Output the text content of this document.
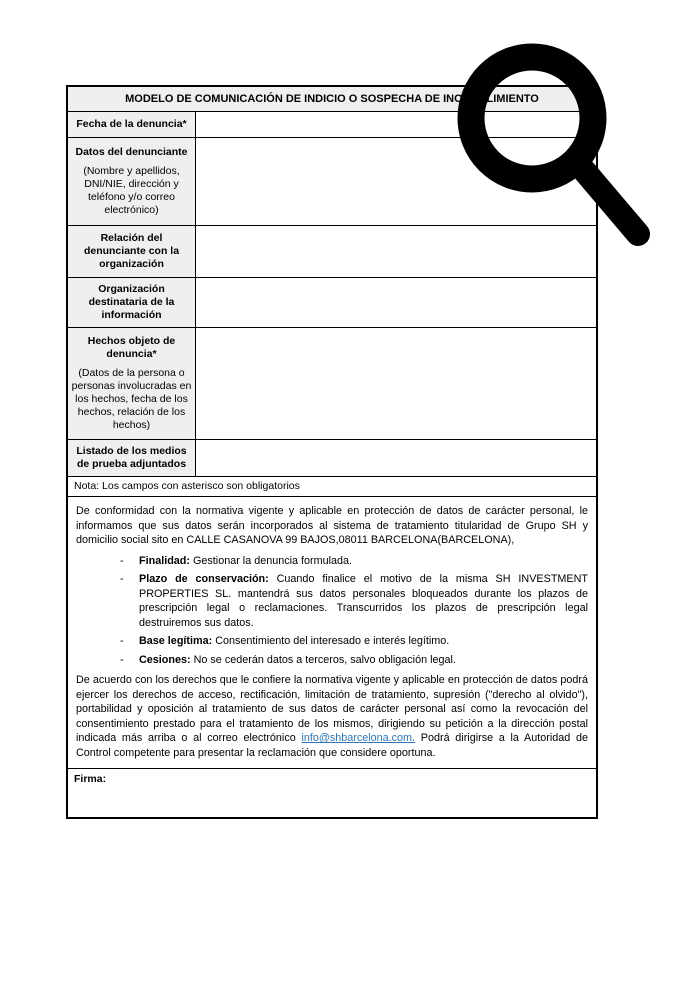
MODELO DE COMUNICACIÓN DE INDICIO O SOSPECHA DE INCUMPLIMIENTO
Fecha de la denuncia*
Datos del denunciante
(Nombre y apellidos, DNI/NIE, dirección y teléfono y/o correo electrónico)
Relación del denunciante con la organización
Organización destinataria de la información
Hechos objeto de denuncia*
(Datos de la persona o personas involucradas en los hechos, fecha de los hechos, relación de los hechos)
Listado de los medios de prueba adjuntados
Nota: Los campos con asterisco son obligatorios

De conformidad con la normativa vigente y aplicable en protección de datos de carácter personal, le informamos que sus datos serán incorporados al sistema de tratamiento titularidad de Grupo SH y domicilio social sito en CALLE CASANOVA 99 BAJOS,08011 BARCELONA(BARCELONA),

-	Finalidad: Gestionar la denuncia formulada.
-	Plazo de conservación: Cuando finalice el motivo de la misma SH INVESTMENT PROPERTIES SL. mantendrá sus datos personales bloqueados durante los plazos de prescripción legal o reclamaciones. Transcurridos los plazos de prescripción legal destruiremos sus datos.
-	Base legítima: Consentimiento del interesado e interés legítimo.
-	Cesiones: No se cederán datos a terceros, salvo obligación legal.

De acuerdo con los derechos que le confiere la normativa vigente y aplicable en protección de datos podrá ejercer los derechos de acceso, rectificación, limitación de tratamiento, supresión ("derecho al olvido"), portabilidad y oposición al tratamiento de sus datos de carácter personal así como la revocación del consentimiento prestado para el tratamiento de los mismos, dirigiendo su petición a la dirección postal indicada más arriba o al correo electrónico info@shbarcelona.com. Podrá dirigirse a la Autoridad de Control competente para presentar la reclamación que considere oportuna.

Firma:
